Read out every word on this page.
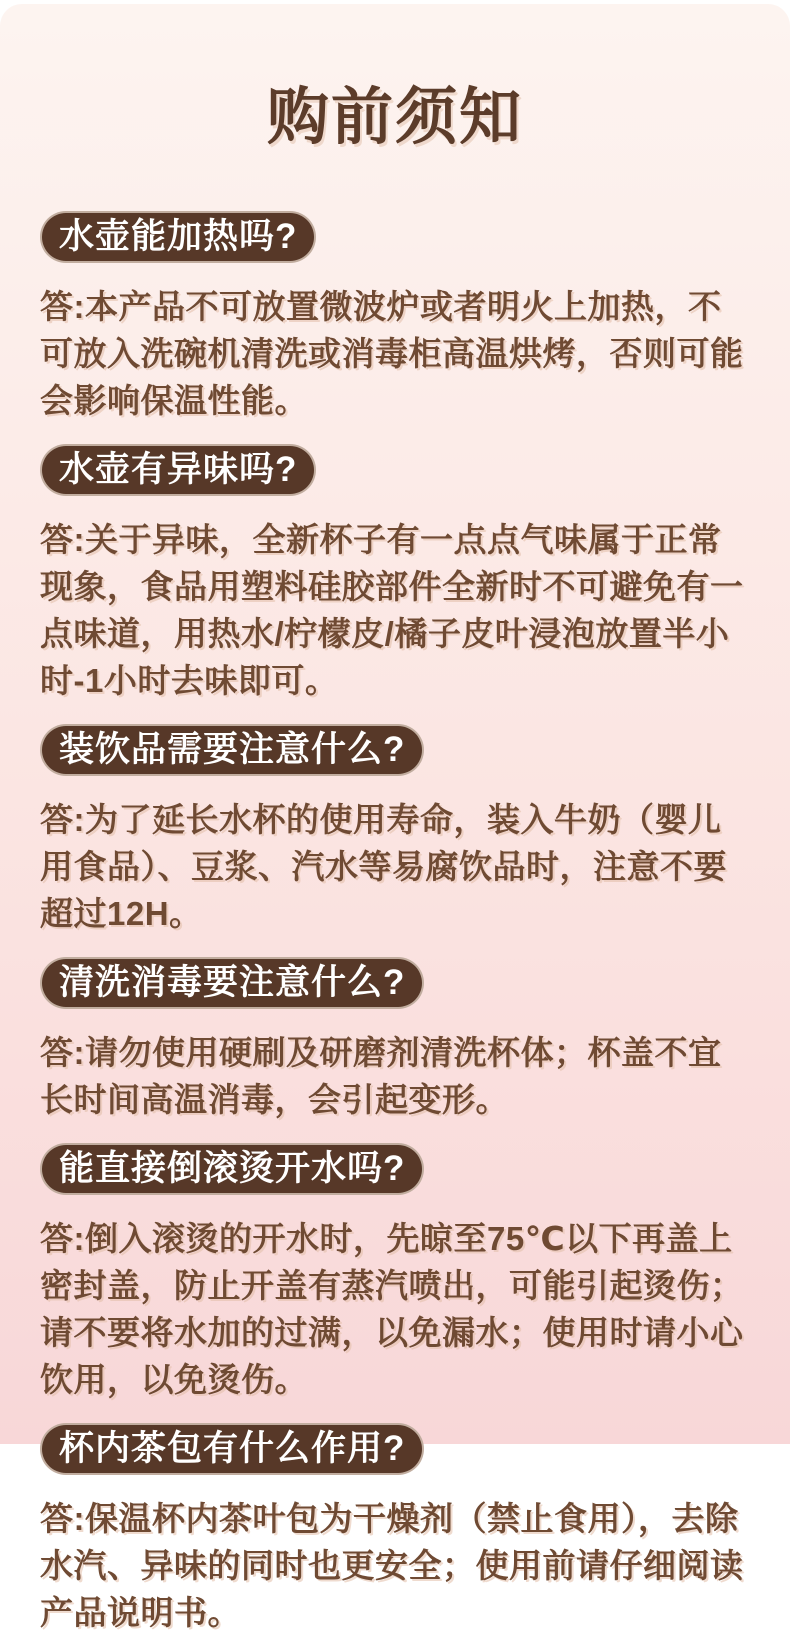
购前须知
水壶能加热吗?

答:本产品不可放置微波炉或者明火上加热，不可放入洗碗机清洗或消毒柜高温烘烤，否则可能会影响保温性能。

水壶有异味吗?

答:关于异味，全新杯子有一点点气味属于正常现象，食品用塑料硅胶部件全新时不可避免有一点味道，用热水/柠檬皮/橘子皮叶浸泡放置半小时-1小时去味即可。

装饮品需要注意什么?

答:为了延长水杯的使用寿命，装入牛奶（婴儿用食品）、豆浆、汽水等易腐饮品时，注意不要超过12H。

清洗消毒要注意什么?

答:请勿使用硬刷及研磨剂清洗杯体；杯盖不宜长时间高温消毒，会引起变形。

能直接倒滚烫开水吗?

答:倒入滚烫的开水时，先晾至75℃以下再盖上密封盖，防止开盖有蒸汽喷出，可能引起烫伤；请不要将水加的过满，以免漏水；使用时请小心饮用，以免烫伤。

杯内茶包有什么作用?

答:保温杯内茶叶包为干燥剂（禁止食用），去除水汽、异味的同时也更安全；使用前请仔细阅读产品说明书。
